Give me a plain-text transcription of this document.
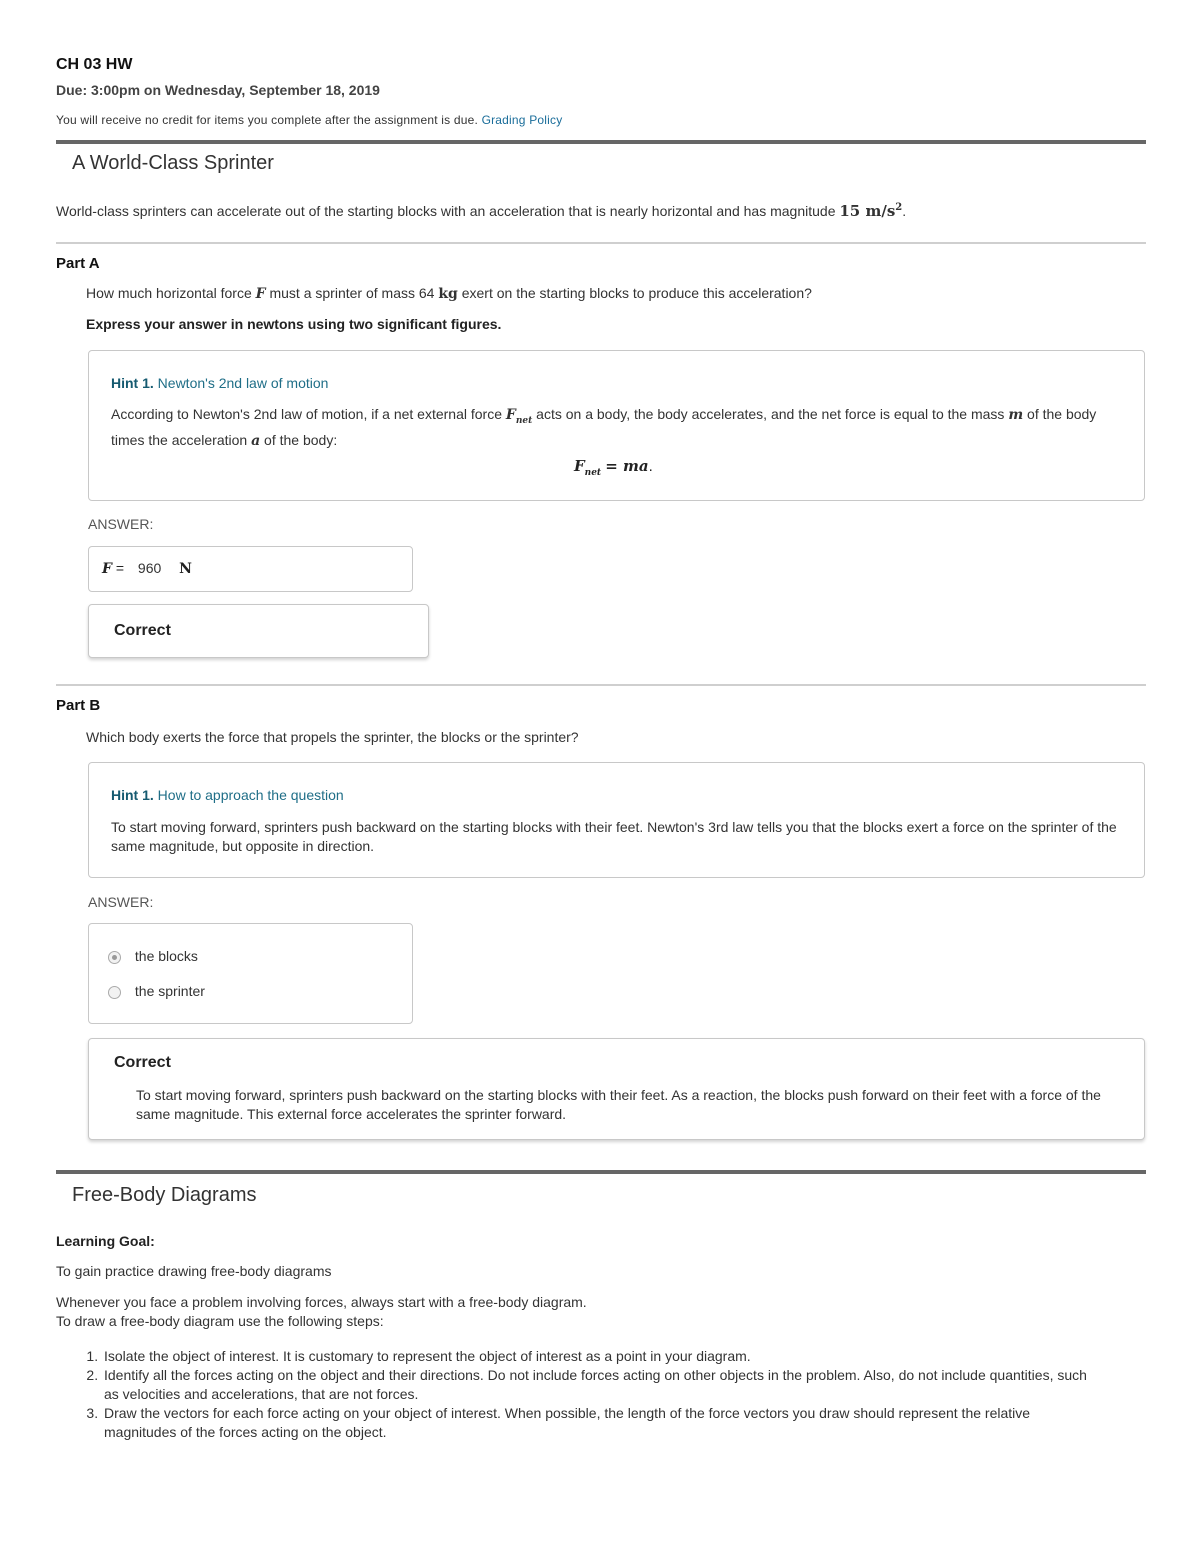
CH 03 HW
Due: 3:00pm on Wednesday, September 18, 2019
You will receive no credit for items you complete after the assignment is due. Grading Policy
A World-Class Sprinter
World-class sprinters can accelerate out of the starting blocks with an acceleration that is nearly horizontal and has magnitude 15 $m/s^2$.
Part A
How much horizontal force F must a sprinter of mass 64 kg exert on the starting blocks to produce this acceleration?
Express your answer in newtons using two significant figures.
Hint 1. Newton's 2nd law of motion
According to Newton's 2nd law of motion, if a net external force $F_{net}$ acts on a body, the body accelerates, and the net force is equal to the mass m of the body times the acceleration a of the body:
$F_{net}$ = ma.
ANSWER:
F = 960 N
Correct
Part B
Which body exerts the force that propels the sprinter, the blocks or the sprinter?
Hint 1. How to approach the question
To start moving forward, sprinters push backward on the starting blocks with their feet. Newton's 3rd law tells you that the blocks exert a force on the sprinter of the same magnitude, but opposite in direction.
ANSWER:
the blocks
the sprinter
Correct
To start moving forward, sprinters push backward on the starting blocks with their feet. As a reaction, the blocks push forward on their feet with a force of the same magnitude. This external force accelerates the sprinter forward.
Free-Body Diagrams
Learning Goal:
To gain practice drawing free-body diagrams
Whenever you face a problem involving forces, always start with a free-body diagram.
To draw a free-body diagram use the following steps:
1. Isolate the object of interest. It is customary to represent the object of interest as a point in your diagram.
2. Identify all the forces acting on the object and their directions. Do not include forces acting on other objects in the problem. Also, do not include quantities, such as velocities and accelerations, that are not forces.
3. Draw the vectors for each force acting on your object of interest. When possible, the length of the force vectors you draw should represent the relative magnitudes of the forces acting on the object.
